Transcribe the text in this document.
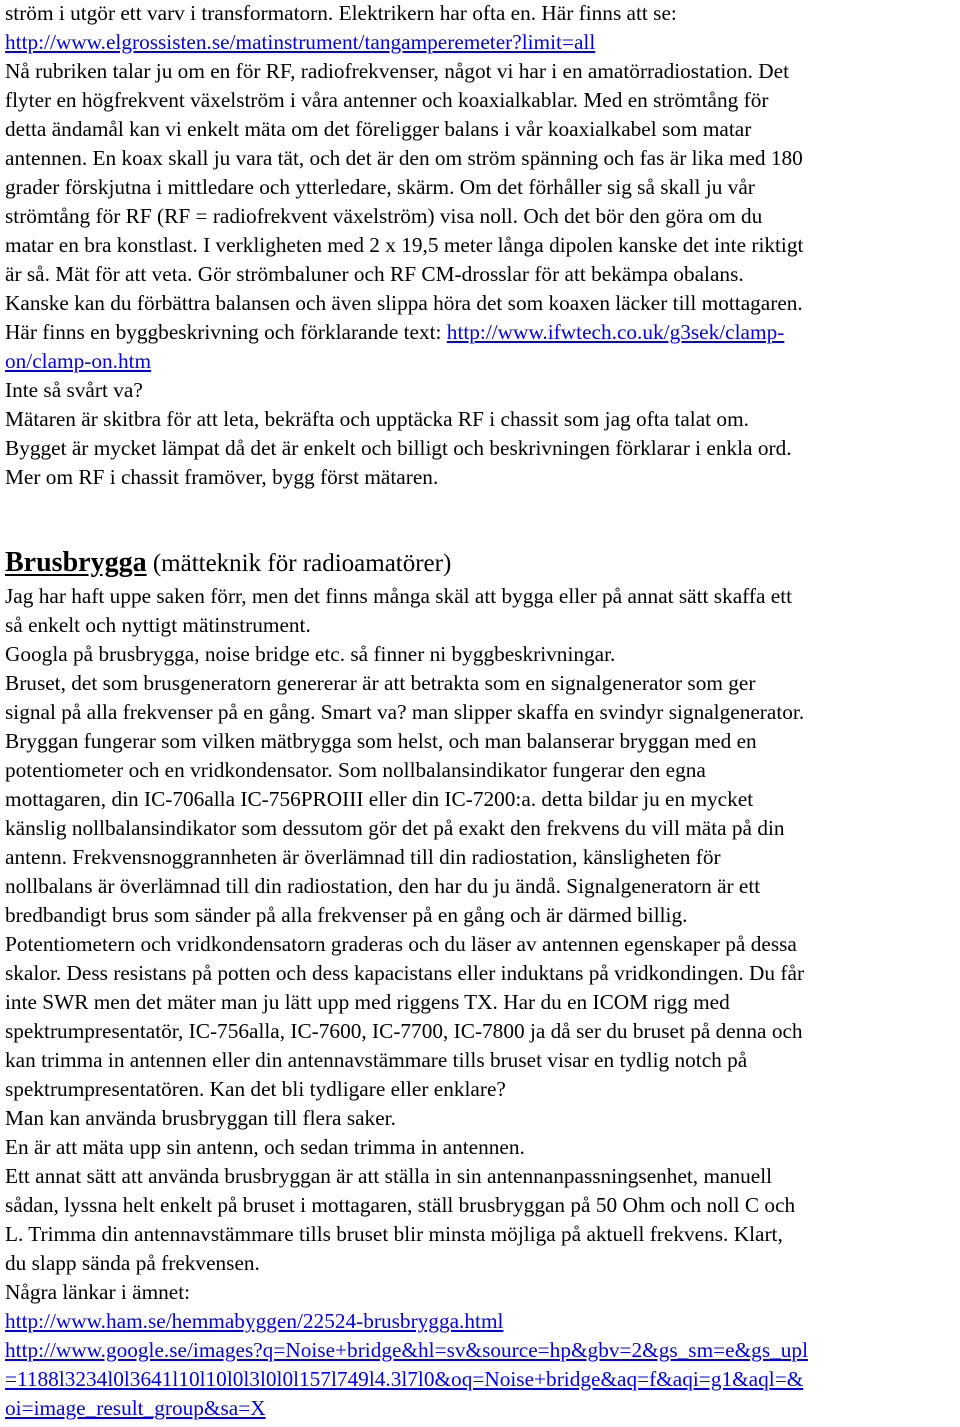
ström i utgör ett varv i transformatorn. Elektrikern har ofta en. Här finns att se:
http://www.elgrossisten.se/matinstrument/tangamperemeter?limit=all
Nå rubriken talar ju om en för RF, radiofrekvenser, något vi har i en amatörradiostation. Det
flyter en högfrekvent växelström i våra antenner och koaxialkablar. Med en strömtång för
detta ändamål kan vi enkelt mäta om det föreligger balans i vår koaxialkabel som matar
antennen. En koax skall ju vara tät, och det är den om ström spänning och fas är lika med 180
grader förskjutna i mittledare och ytterledare, skärm. Om det förhåller sig så skall ju vår
strömtång för RF (RF = radiofrekvent växelström) visa noll. Och det bör den göra om du
matar en bra konstlast. I verkligheten med 2 x 19,5 meter långa dipolen kanske det inte riktigt
är så. Mät för att veta. Gör strömbaluner och RF CM-drosslar för att bekämpa obalans.
Kanske kan du förbättra balansen och även slippa höra det som koaxen läcker till mottagaren.
Här finns en byggbeskrivning och förklarande text: http://www.ifwtech.co.uk/g3sek/clamp-
on/clamp-on.htm
Inte så svårt va?
Mätaren är skitbra för att leta, bekräfta och upptäcka RF i chassit som jag ofta talat om.
Bygget är mycket lämpat då det är enkelt och billigt och beskrivningen förklarar i enkla ord.
Mer om RF i chassit framöver, bygg först mätaren.
Brusbrygga (mätteknik för radioamatörer)
Jag har haft uppe saken förr, men det finns många skäl att bygga eller på annat sätt skaffa ett
så enkelt och nyttigt mätinstrument.
Googla på brusbrygga, noise bridge etc. så finner ni byggbeskrivningar.
Bruset, det som brusgeneratorn genererar är att betrakta som en signalgenerator som ger
signal på alla frekvenser på en gång. Smart va? man slipper skaffa en svindyr signalgenerator.
Bryggan fungerar som vilken mätbrygga som helst, och man balanserar bryggan med en
potentiometer och en vridkondensator. Som nollbalansindikator fungerar den egna
mottagaren, din IC-706alla IC-756PROIII eller din IC-7200:a. detta bildar ju en mycket
känslig nollbalansindikator som dessutom gör det på exakt den frekvens du vill mäta på din
antenn. Frekvensnoggrannheten är överlämnad till din radiostation, känsligheten för
nollbalans är överlämnad till din radiostation, den har du ju ändå. Signalgeneratorn är ett
bredbandigt brus som sänder på alla frekvenser på en gång och är därmed billig.
Potentiometern och vridkondensatorn graderas och du läser av antennen egenskaper på dessa
skalor. Dess resistans på potten och dess kapacistans eller induktans på vridkondingen. Du får
inte SWR men det mäter man ju lätt upp med riggens TX. Har du en ICOM rigg med
spektrumpresentatör, IC-756alla, IC-7600, IC-7700, IC-7800 ja då ser du bruset på denna och
kan trimma in antennen eller din antennavstämmare tills bruset visar en tydlig notch på
spektrumpresentatören. Kan det bli tydligare eller enklare?
Man kan använda brusbryggan till flera saker.
En är att mäta upp sin antenn, och sedan trimma in antennen.
Ett annat sätt att använda brusbryggan är att ställa in sin antennanpassningsenhet, manuell
sådan, lyssna helt enkelt på bruset i mottagaren, ställ brusbryggan på 50 Ohm och noll C och
L. Trimma din antennavstämmare tills bruset blir minsta möjliga på aktuell frekvens. Klart,
du slapp sända på frekvensen.
Några länkar i ämnet:
http://www.ham.se/hemmabyggen/22524-brusbrygga.html
http://www.google.se/images?q=Noise+bridge&hl=sv&source=hp&gbv=2&gs_sm=e&gs_upl
=1188l3234l0l3641l10l10l0l3l0l0l157l749l4.3l7l0&oq=Noise+bridge&aq=f&aqi=g1&aql=&
oi=image_result_group&sa=X
